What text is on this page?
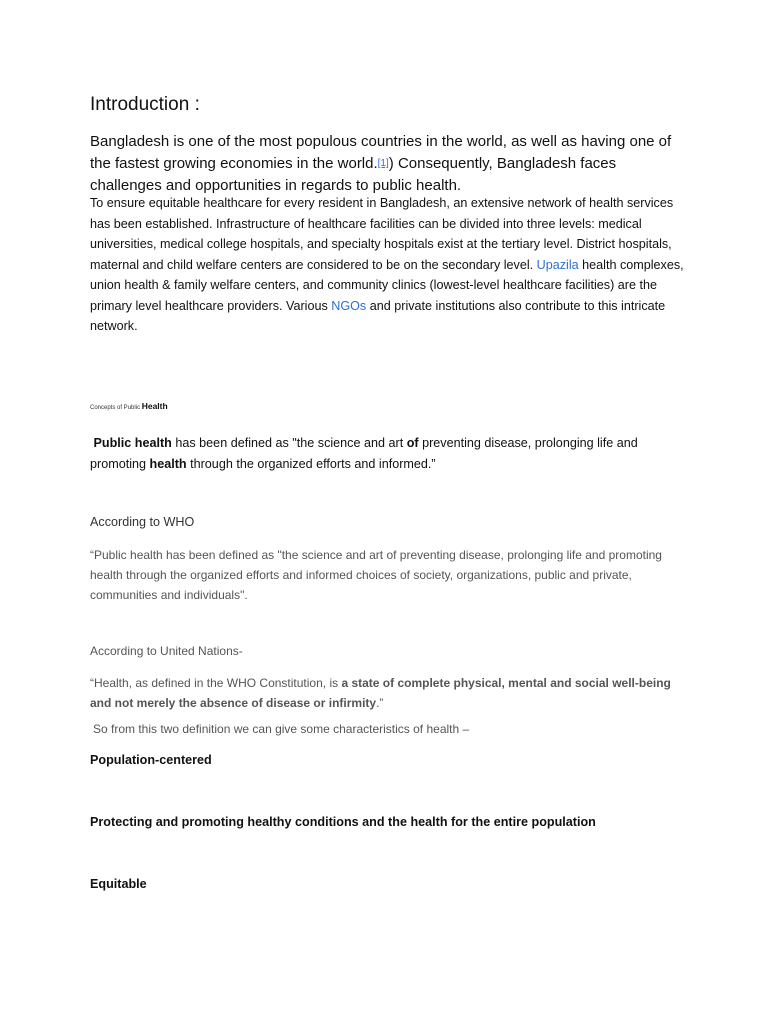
Introduction :

Bangladesh is one of the most populous countries in the world, as well as having one of the fastest growing economies in the world.[1]) Consequently, Bangladesh faces challenges and opportunities in regards to public health.

To ensure equitable healthcare for every resident in Bangladesh, an extensive network of health services has been established. Infrastructure of healthcare facilities can be divided into three levels: medical universities, medical college hospitals, and specialty hospitals exist at the tertiary level. District hospitals, maternal and child welfare centers are considered to be on the secondary level. Upazila health complexes, union health & family welfare centers, and community clinics (lowest-level healthcare facilities) are the primary level healthcare providers. Various NGOs and private institutions also contribute to this intricate network.

Concepts of Public Health

Public health has been defined as "the science and art of preventing disease, prolonging life and promoting health through the organized efforts and informed.”

According to WHO

“Public health has been defined as "the science and art of preventing disease, prolonging life and promoting health through the organized efforts and informed choices of society, organizations, public and private, communities and individuals".

According to United Nations-

“Health, as defined in the WHO Constitution, is a state of complete physical, mental and social well-being and not merely the absence of disease or infirmity.”

So from this two definition we can give some characteristics of health –
Population-centered
Protecting and promoting healthy conditions and the health for the entire population
Equitable
